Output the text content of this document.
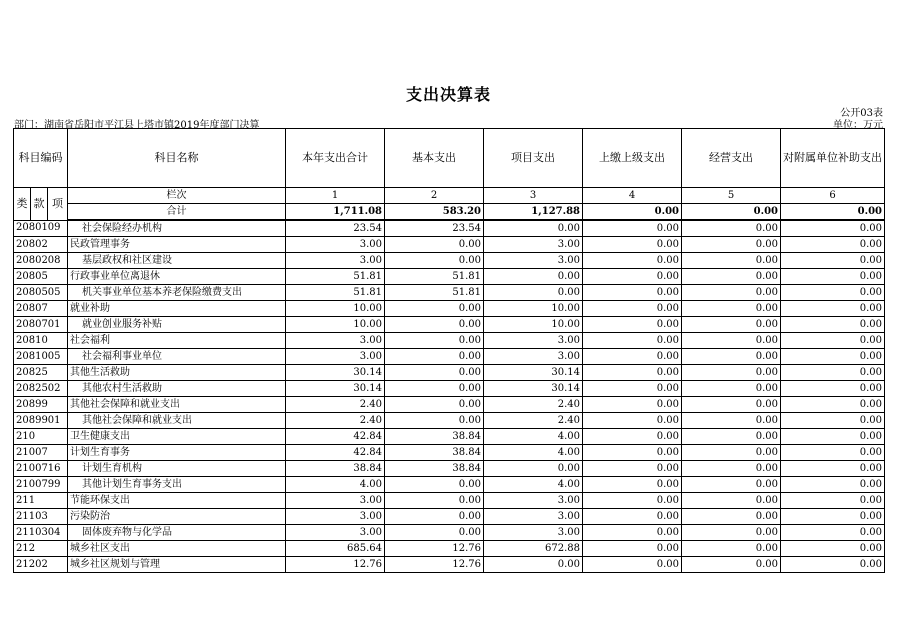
支出决算表
公开03表
部门：湖南省岳阳市平江县上塔市镇2019年度部门决算	单位：万元
科目编码			科目名称	本年支出合计	基本支出	项目支出	上缴上级支出	经营支出	对附属单位补助支出
类	款	项	栏次	1	2	3	4	5	6
			合计	1,711.08	583.20	1,127.88	0.00	0.00	0.00
2080109			社会保险经办机构	23.54	23.54	0.00	0.00	0.00	0.00
20802			民政管理事务	3.00	0.00	3.00	0.00	0.00	0.00
2080208			基层政权和社区建设	3.00	0.00	3.00	0.00	0.00	0.00
20805			行政事业单位离退休	51.81	51.81	0.00	0.00	0.00	0.00
2080505			机关事业单位基本养老保险缴费支出	51.81	51.81	0.00	0.00	0.00	0.00
20807			就业补助	10.00	0.00	10.00	0.00	0.00	0.00
2080701			就业创业服务补贴	10.00	0.00	10.00	0.00	0.00	0.00
20810			社会福利	3.00	0.00	3.00	0.00	0.00	0.00
2081005			社会福利事业单位	3.00	0.00	3.00	0.00	0.00	0.00
20825			其他生活救助	30.14	0.00	30.14	0.00	0.00	0.00
2082502			其他农村生活救助	30.14	0.00	30.14	0.00	0.00	0.00
20899			其他社会保障和就业支出	2.40	0.00	2.40	0.00	0.00	0.00
2089901			其他社会保障和就业支出	2.40	0.00	2.40	0.00	0.00	0.00
210			卫生健康支出	42.84	38.84	4.00	0.00	0.00	0.00
21007			计划生育事务	42.84	38.84	4.00	0.00	0.00	0.00
2100716			计划生育机构	38.84	38.84	0.00	0.00	0.00	0.00
2100799			其他计划生育事务支出	4.00	0.00	4.00	0.00	0.00	0.00
211			节能环保支出	3.00	0.00	3.00	0.00	0.00	0.00
21103			污染防治	3.00	0.00	3.00	0.00	0.00	0.00
2110304			固体废弃物与化学品	3.00	0.00	3.00	0.00	0.00	0.00
212			城乡社区支出	685.64	12.76	672.88	0.00	0.00	0.00
21202			城乡社区规划与管理	12.76	12.76	0.00	0.00	0.00	0.00
